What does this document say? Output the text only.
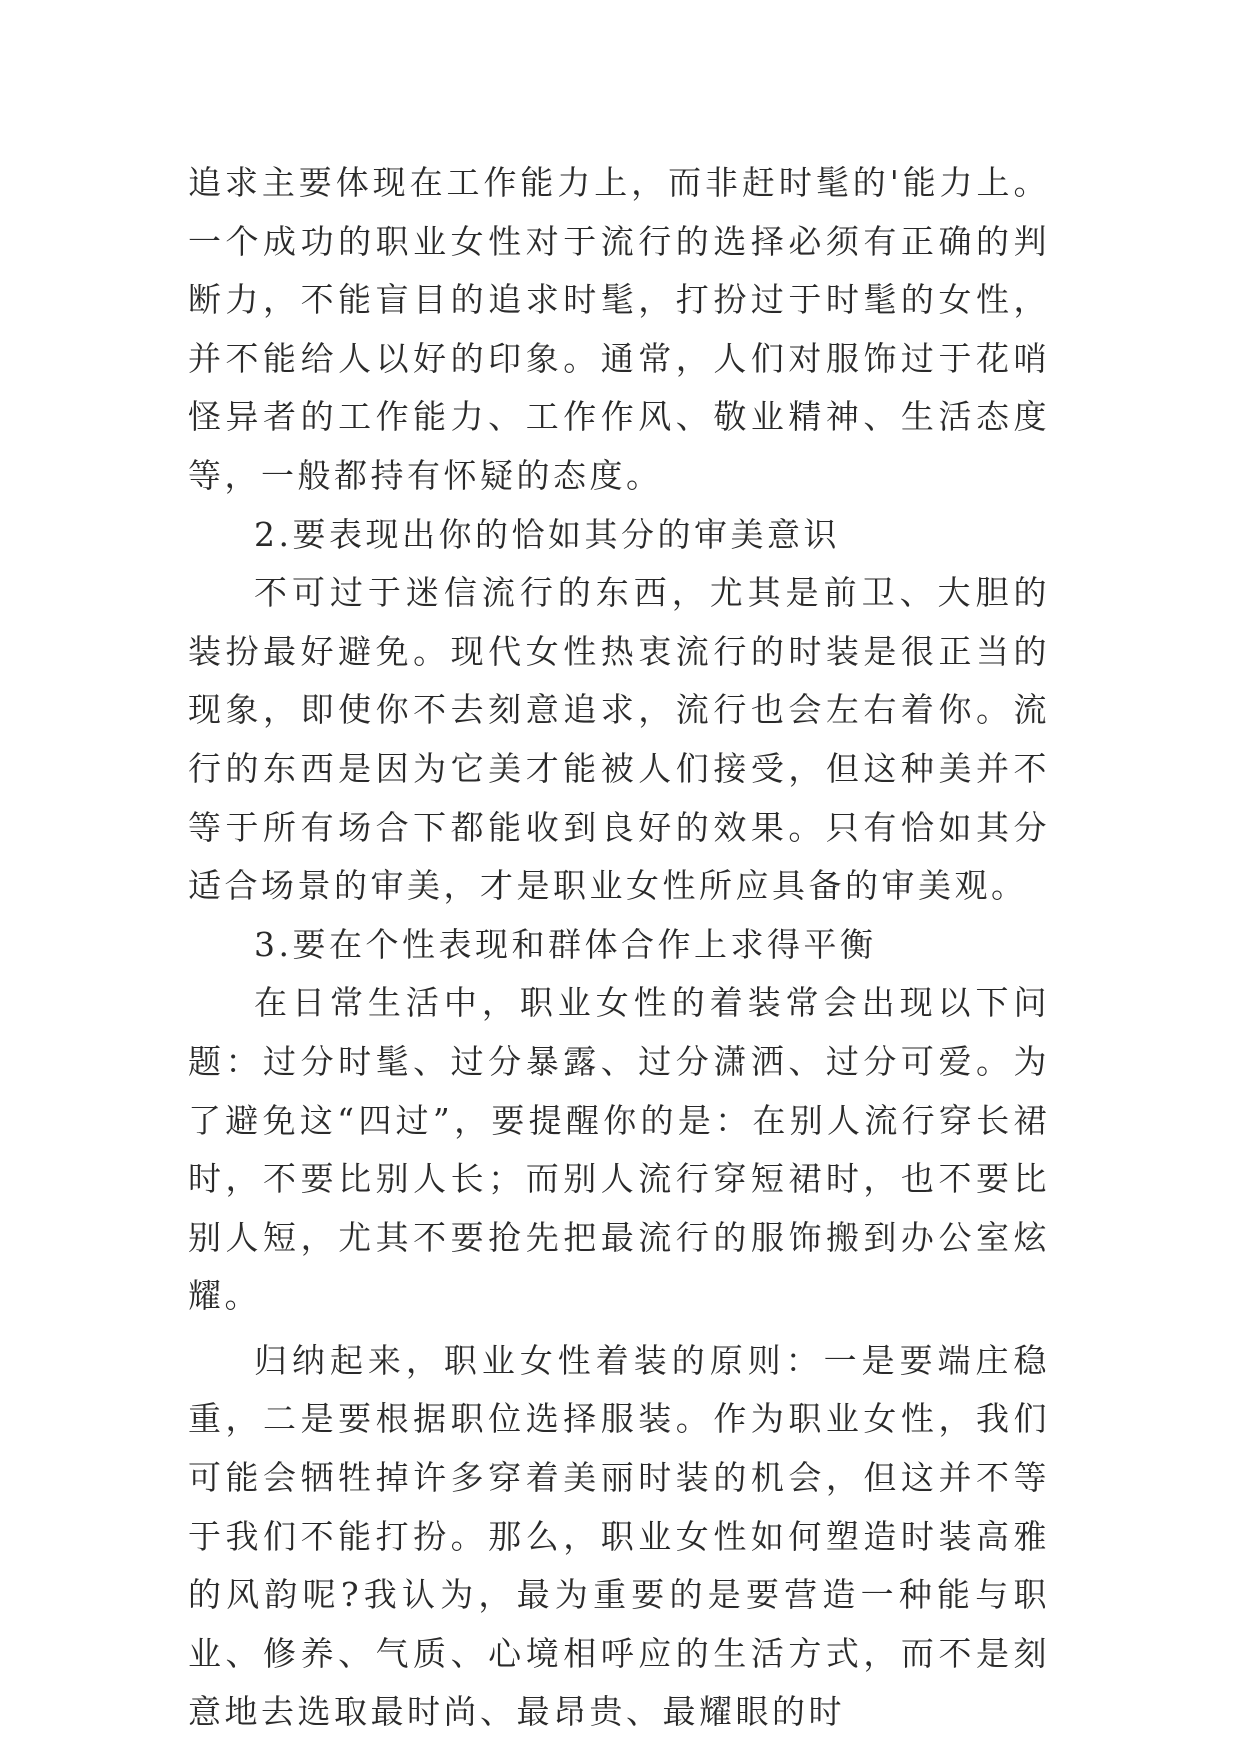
追求主要体现在工作能力上，而非赶时髦的'能力上。一个成功的职业女性对于流行的选择必须有正确的判断力，不能盲目的追求时髦，打扮过于时髦的女性，并不能给人以好的印象。通常，人们对服饰过于花哨怪异者的工作能力、工作作风、敬业精神、生活态度等，一般都持有怀疑的态度。

2.要表现出你的恰如其分的审美意识

不可过于迷信流行的东西，尤其是前卫、大胆的装扮最好避免。现代女性热衷流行的时装是很正当的现象，即使你不去刻意追求，流行也会左右着你。流行的东西是因为它美才能被人们接受，但这种美并不等于所有场合下都能收到良好的效果。只有恰如其分适合场景的审美，才是职业女性所应具备的审美观。

3.要在个性表现和群体合作上求得平衡

在日常生活中，职业女性的着装常会出现以下问题：过分时髦、过分暴露、过分潇洒、过分可爱。为了避免这“四过”，要提醒你的是：在别人流行穿长裙时，不要比别人长；而别人流行穿短裙时，也不要比别人短，尤其不要抢先把最流行的服饰搬到办公室炫耀。

归纳起来，职业女性着装的原则：一是要端庄稳重，二是要根据职位选择服装。作为职业女性，我们可能会牺牲掉许多穿着美丽时装的机会，但这并不等于我们不能打扮。那么，职业女性如何塑造时装高雅的风韵呢?我认为，最为重要的是要营造一种能与职业、修养、气质、心境相呼应的生活方式，而不是刻意地去选取最时尚、最昂贵、最耀眼的时
